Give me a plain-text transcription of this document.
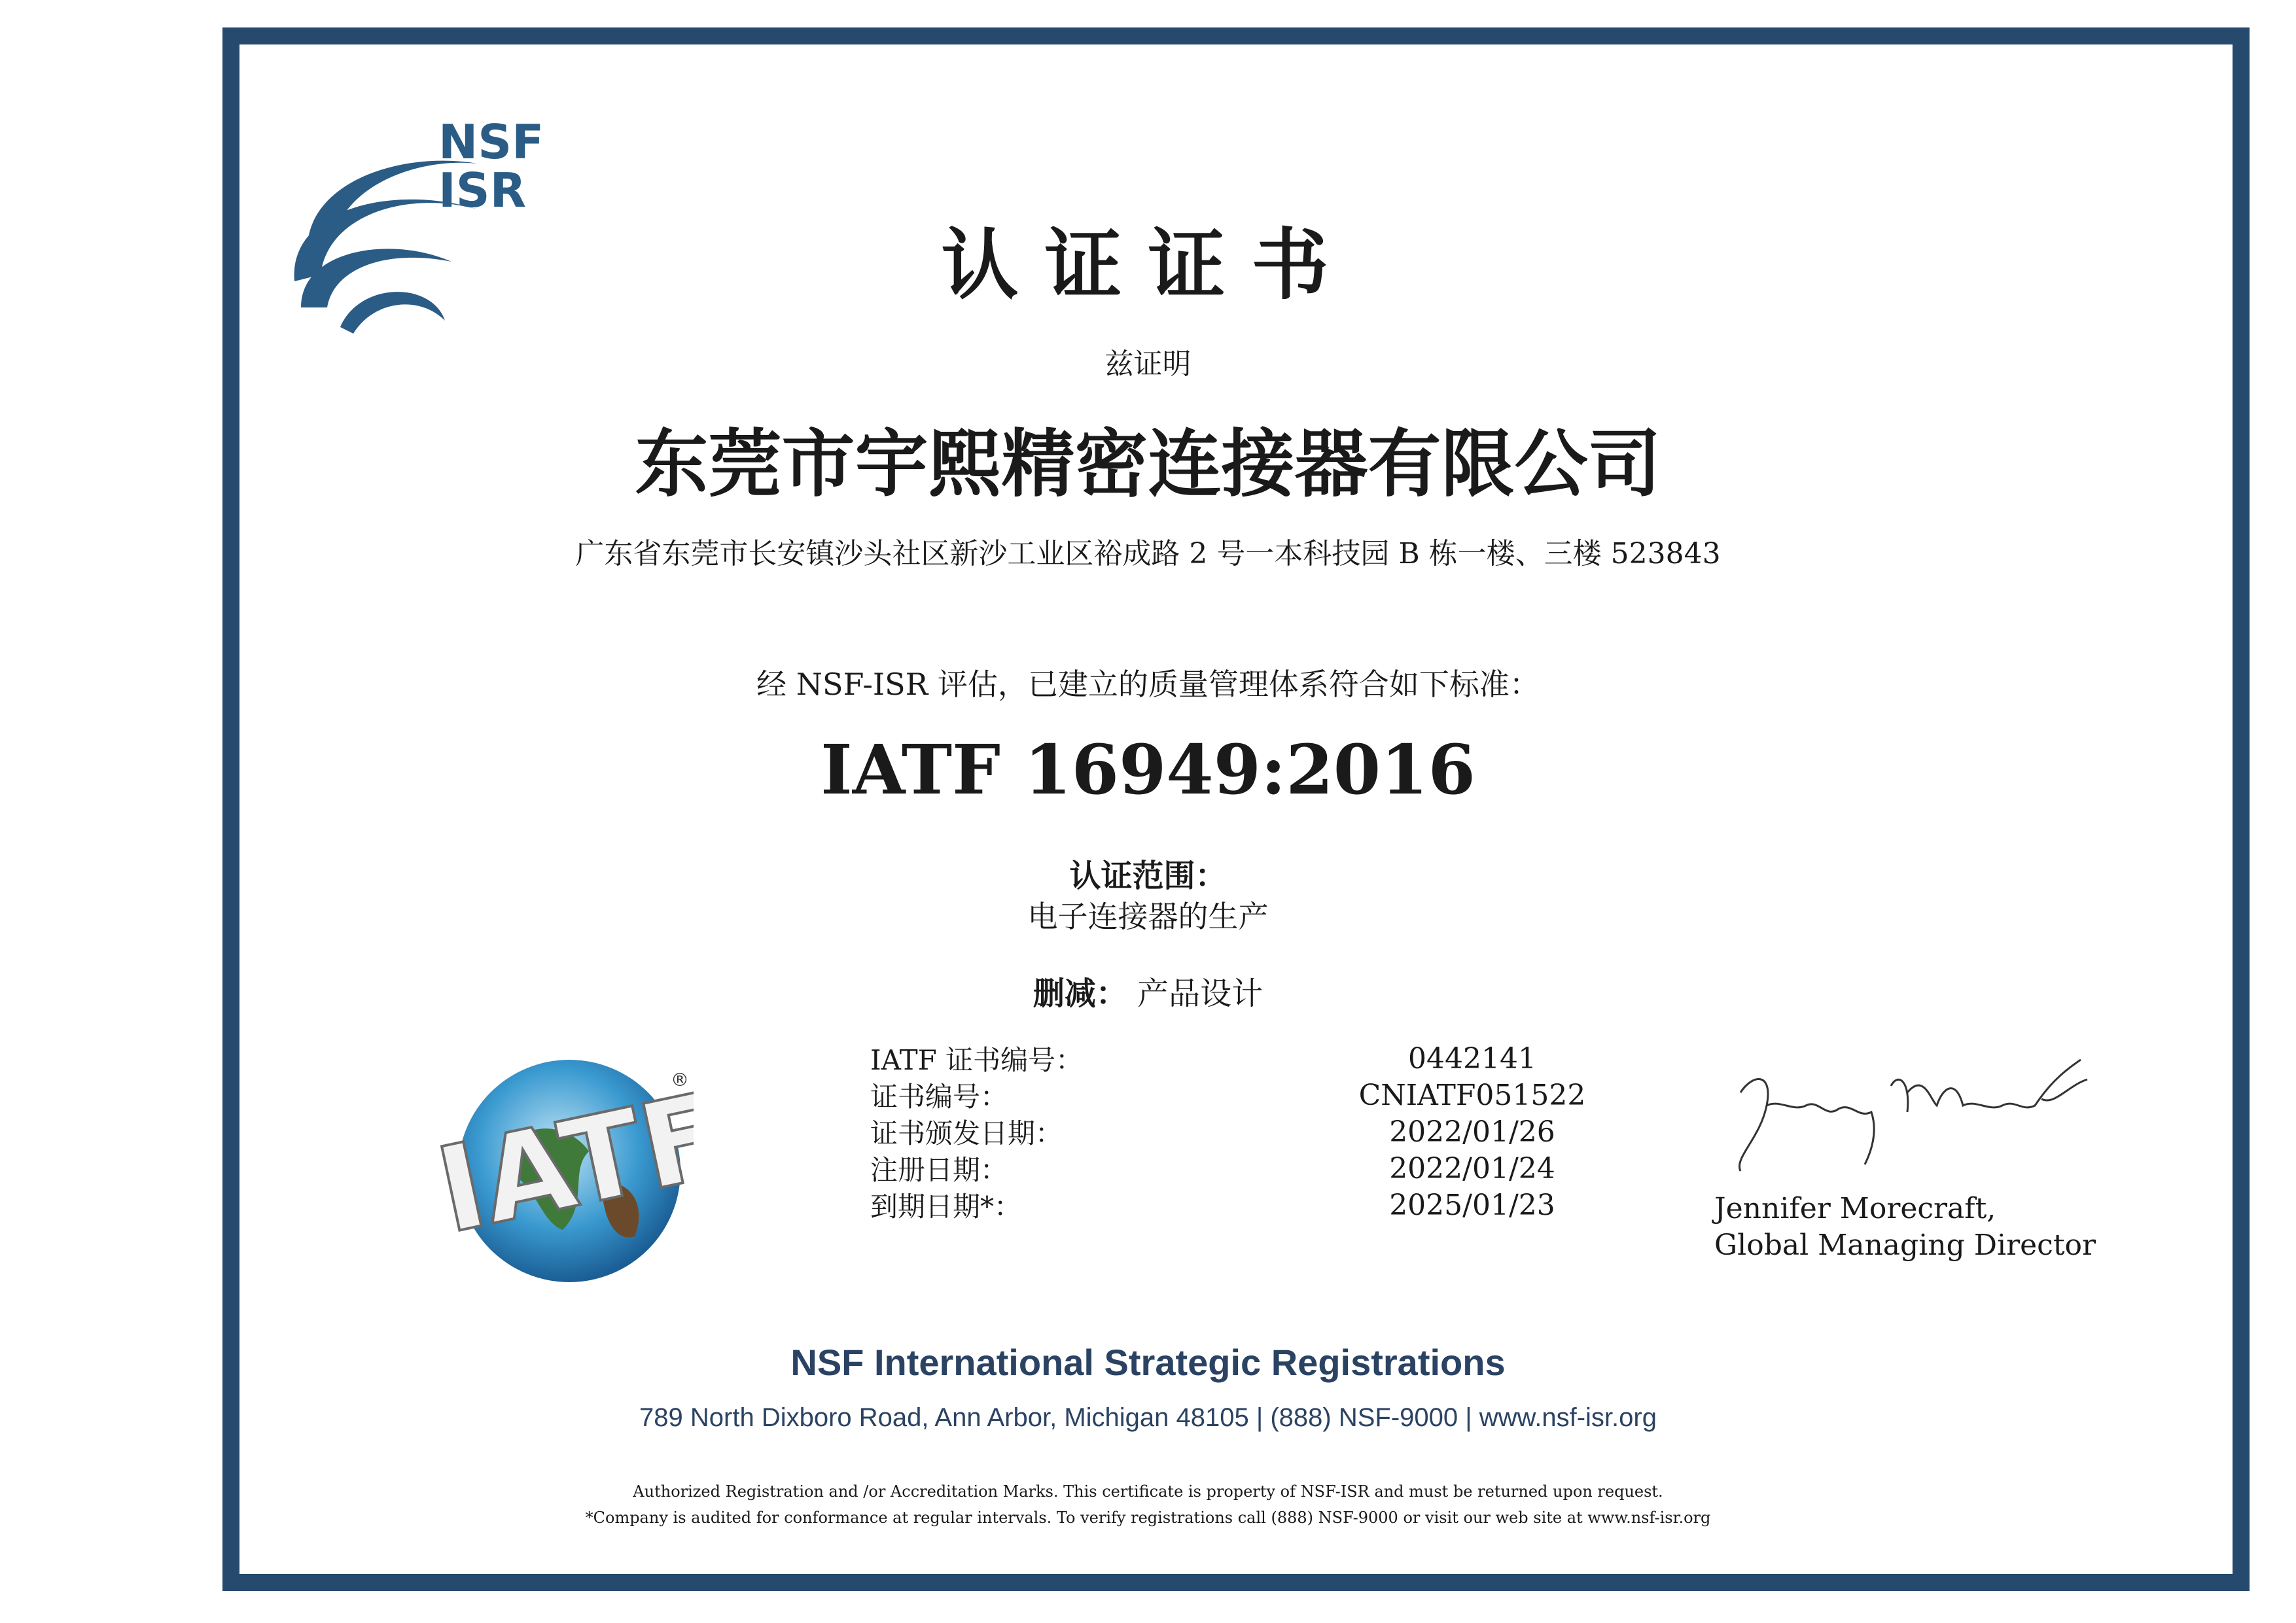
NSF
ISR
认证证书
兹证明
东莞市宇熙精密连接器有限公司
广东省东莞市长安镇沙头社区新沙工业区裕成路 2 号一本科技园 B 栋一楼、三楼 523843
经 NSF-ISR 评估，已建立的质量管理体系符合如下标准：
IATF 16949:2016
认证范围：
电子连接器的生产
删减： 产品设计
IATF
®
IATF 证书编号：	0442141
证书编号：	CNIATF051522
证书颁发日期：	2022/01/26
注册日期：	2022/01/24
到期日期*：	2025/01/23	Jennifer Morecraft,
Global Managing Director
NSF International Strategic Registrations
789 North Dixboro Road, Ann Arbor, Michigan 48105 | (888) NSF-9000 | www.nsf-isr.org
Authorized Registration and /or Accreditation Marks. This certificate is property of NSF-ISR and must be returned upon request.
*Company is audited for conformance at regular intervals. To verify registrations call (888) NSF-9000 or visit our web site at www.nsf-isr.org
